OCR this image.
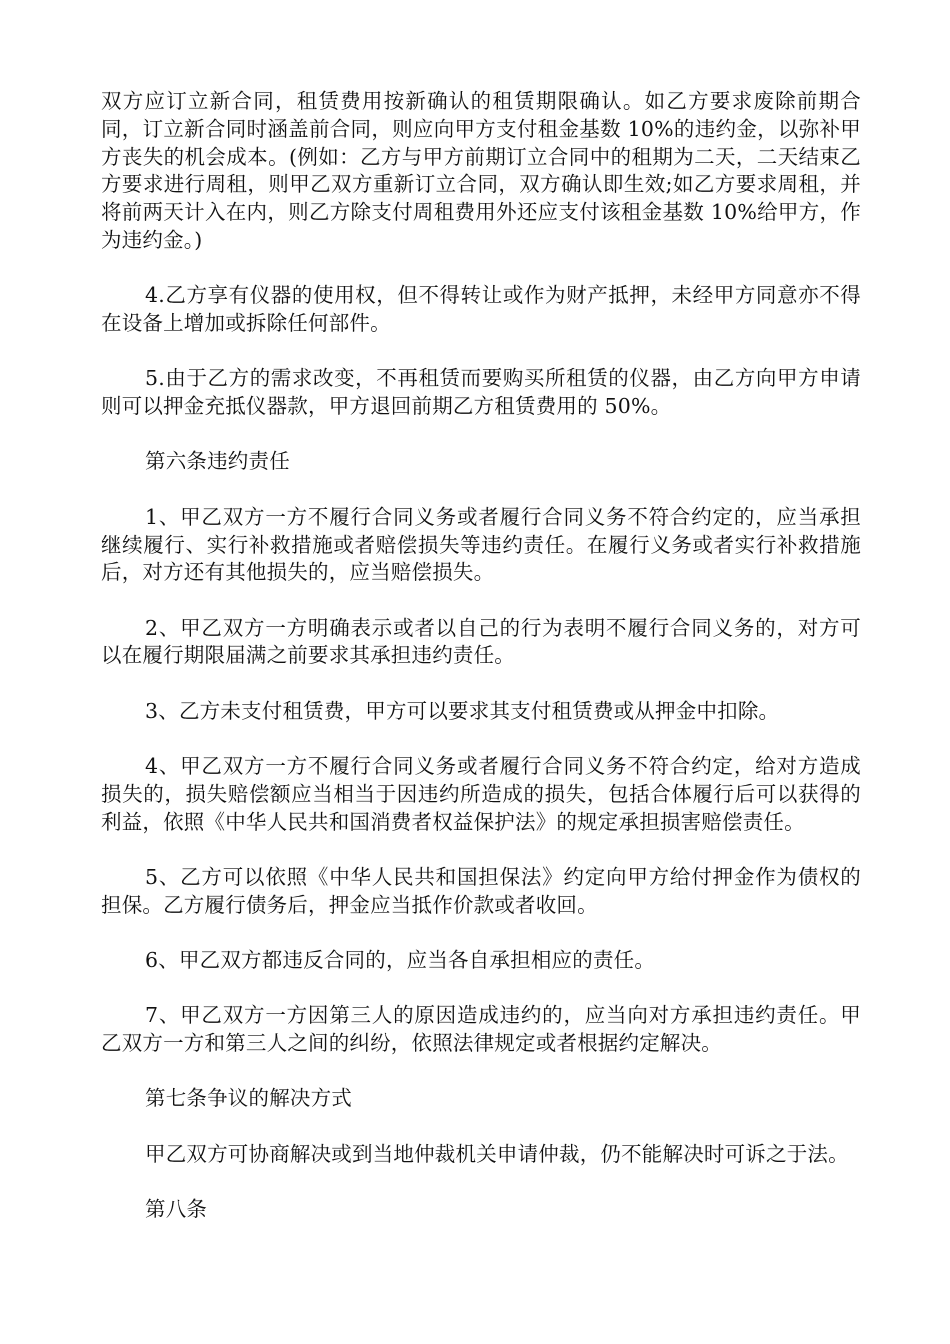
双方应订立新合同，租赁费用按新确认的租赁期限确认。如乙方要求废除前期合同，订立新合同时涵盖前合同，则应向甲方支付租金基数 10%的违约金，以弥补甲方丧失的机会成本。(例如：乙方与甲方前期订立合同中的租期为二天，二天结束乙方要求进行周租，则甲乙双方重新订立合同，双方确认即生效;如乙方要求周租，并将前两天计入在内，则乙方除支付周租费用外还应支付该租金基数 10%给甲方，作为违约金。)

4.乙方享有仪器的使用权，但不得转让或作为财产抵押，未经甲方同意亦不得在设备上增加或拆除任何部件。

5.由于乙方的需求改变，不再租赁而要购买所租赁的仪器，由乙方向甲方申请则可以押金充抵仪器款，甲方退回前期乙方租赁费用的 50%。

第六条违约责任

1、甲乙双方一方不履行合同义务或者履行合同义务不符合约定的，应当承担继续履行、实行补救措施或者赔偿损失等违约责任。在履行义务或者实行补救措施后，对方还有其他损失的，应当赔偿损失。

2、甲乙双方一方明确表示或者以自己的行为表明不履行合同义务的，对方可以在履行期限届满之前要求其承担违约责任。

3、乙方未支付租赁费，甲方可以要求其支付租赁费或从押金中扣除。

4、甲乙双方一方不履行合同义务或者履行合同义务不符合约定，给对方造成损失的，损失赔偿额应当相当于因违约所造成的损失，包括合体履行后可以获得的利益，依照《中华人民共和国消费者权益保护法》的规定承担损害赔偿责任。

5、乙方可以依照《中华人民共和国担保法》约定向甲方给付押金作为债权的担保。乙方履行债务后，押金应当抵作价款或者收回。

6、甲乙双方都违反合同的，应当各自承担相应的责任。

7、甲乙双方一方因第三人的原因造成违约的，应当向对方承担违约责任。甲乙双方一方和第三人之间的纠纷，依照法律规定或者根据约定解决。

第七条争议的解决方式

甲乙双方可协商解决或到当地仲裁机关申请仲裁，仍不能解决时可诉之于法。

第八条
